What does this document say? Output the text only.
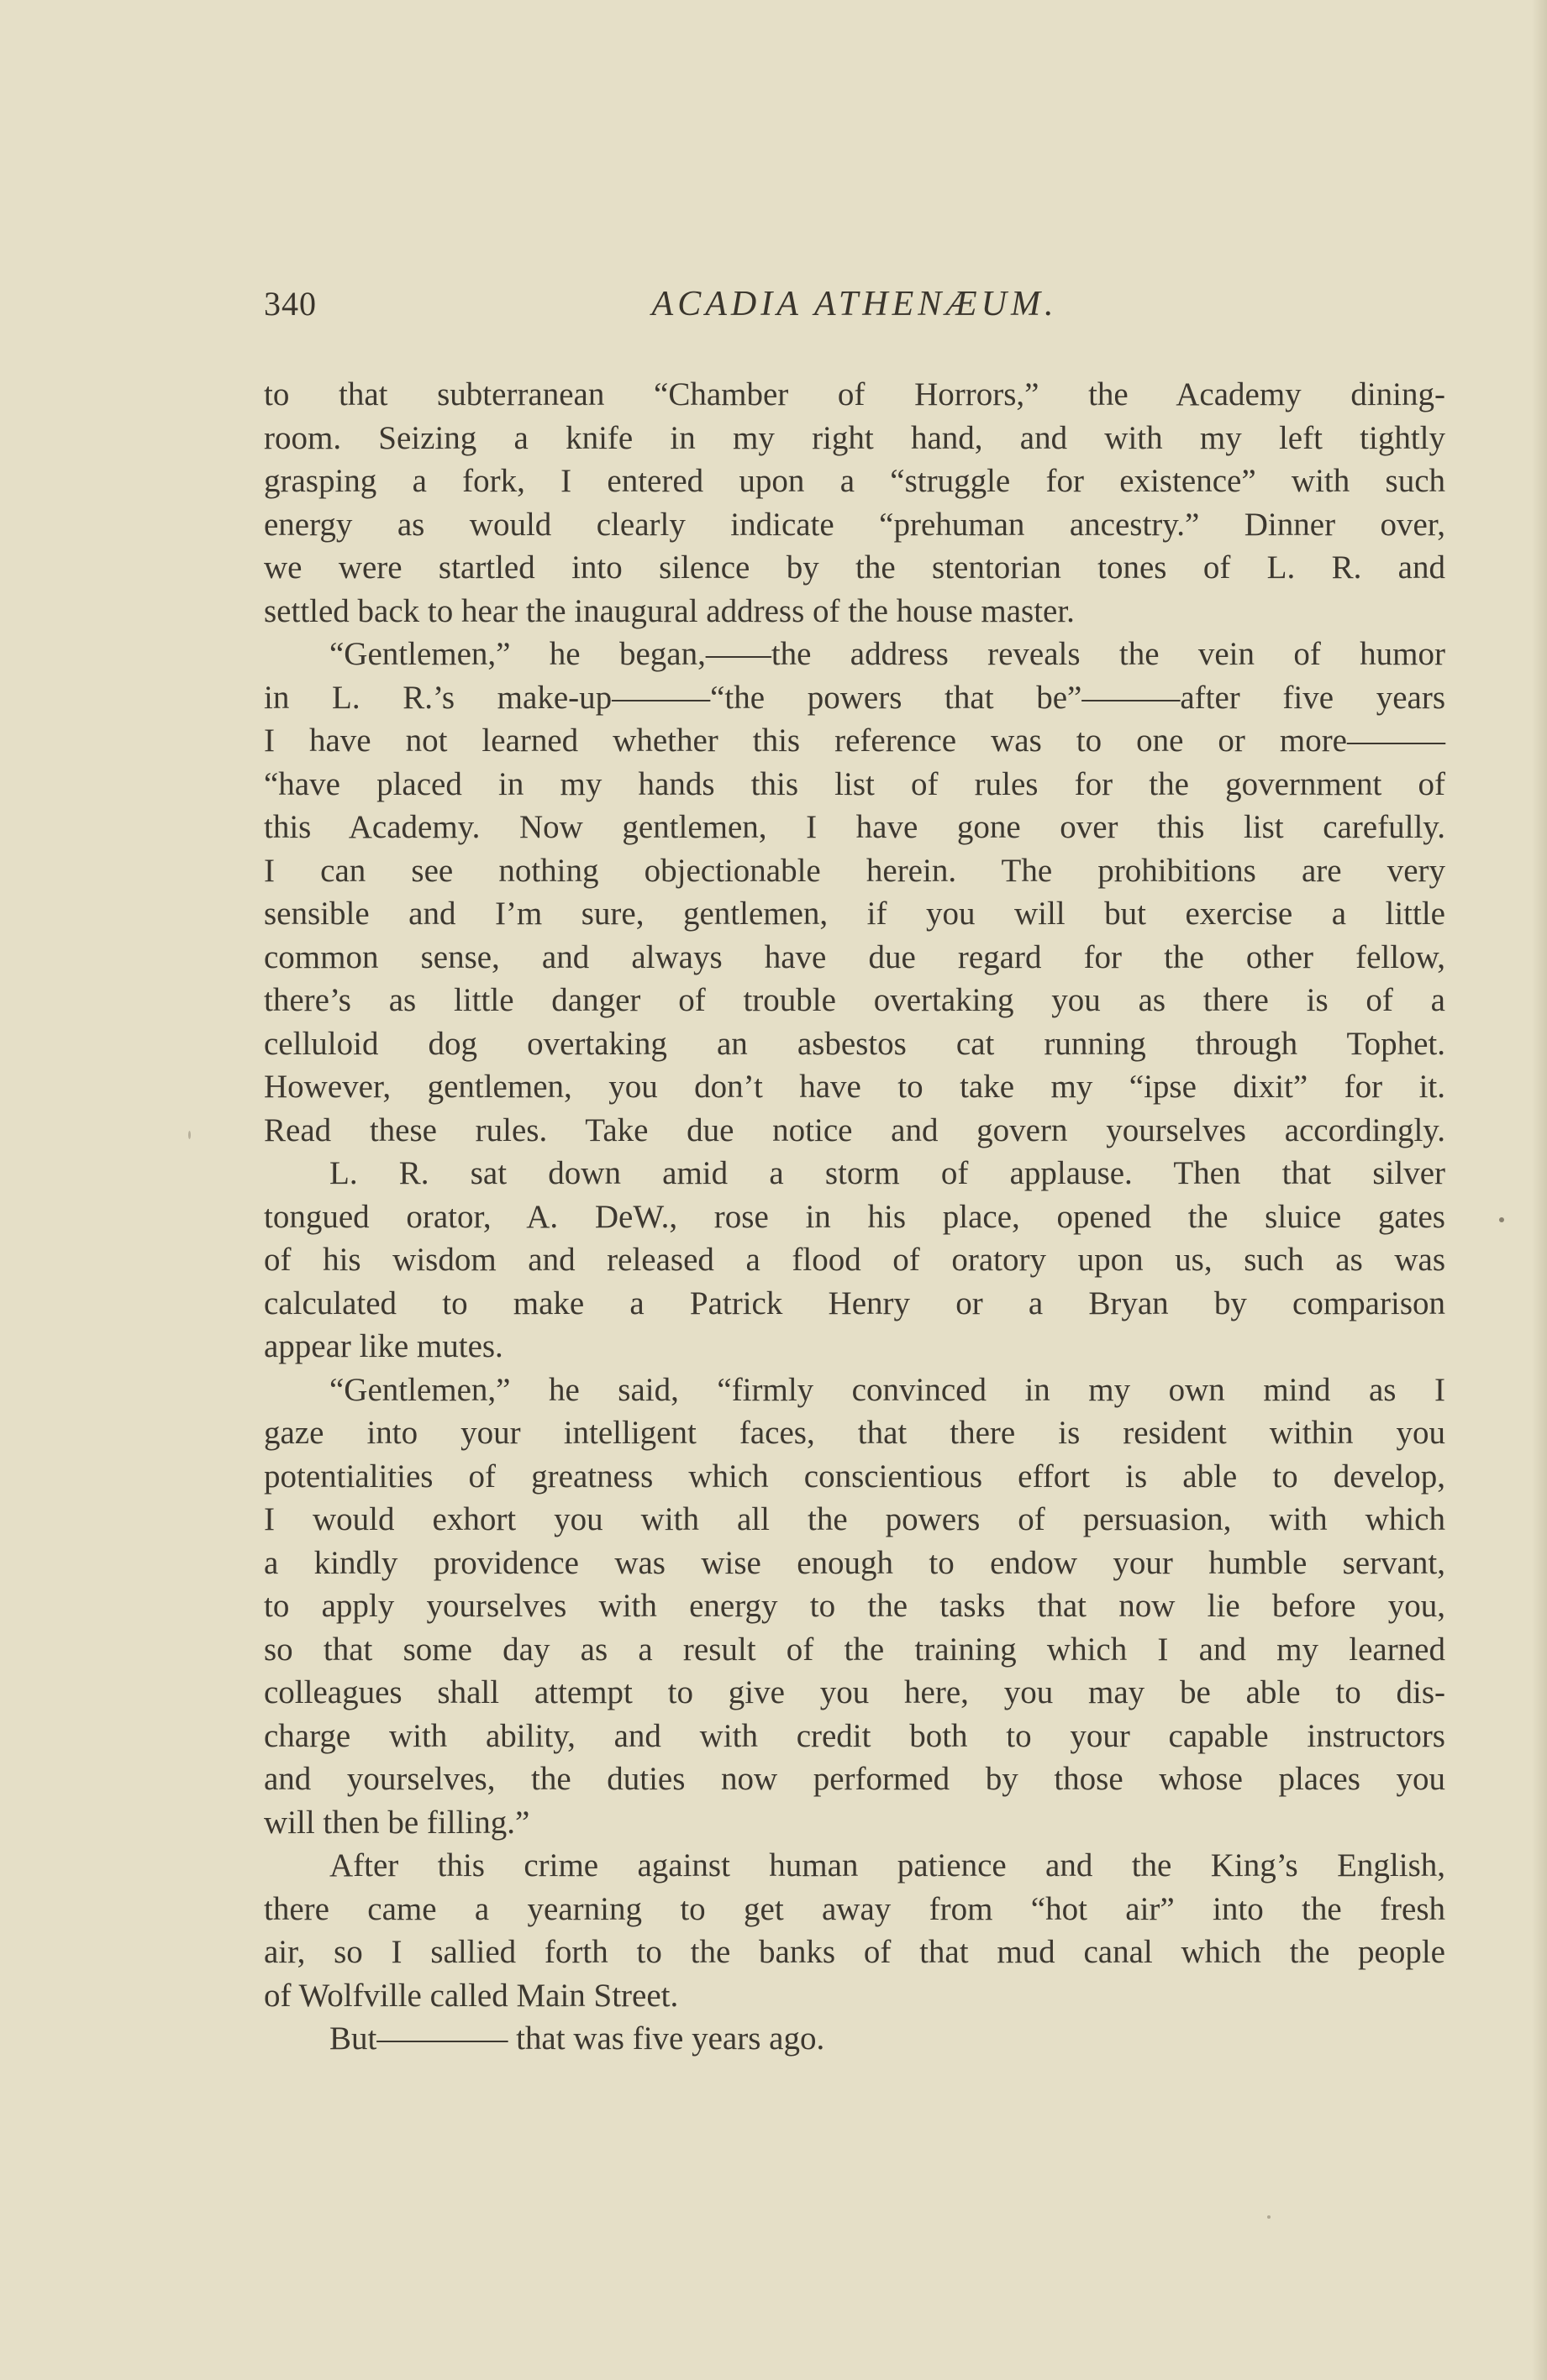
340	ACADIA ATHENÆUM.

to that subterranean “Chamber of Horrors,” the Academy dining-

room. Seizing a knife in my right hand, and with my left tightly

grasping a fork, I entered upon a “struggle for existence” with such

energy as would clearly indicate “prehuman ancestry.” Dinner over,

we were startled into silence by the stentorian tones of L. R. and

settled back to hear the inaugural address of the house master.

“Gentlemen,” he began,——the address reveals the vein of humor

in L. R.’s make-up———“the powers that be”———after five years

I have not learned whether this reference was to one or more———

“have placed in my hands this list of rules for the government of

this Academy. Now gentlemen, I have gone over this list carefully.

I can see nothing objectionable herein. The prohibitions are very

sensible and I’m sure, gentlemen, if you will but exercise a little

common sense, and always have due regard for the other fellow,

there’s as little danger of trouble overtaking you as there is of a

celluloid dog overtaking an asbestos cat running through Tophet.

However, gentlemen, you don’t have to take my “ipse dixit” for it.

Read these rules. Take due notice and govern yourselves accordingly.

L. R. sat down amid a storm of applause. Then that silver

tongued orator, A. DeW., rose in his place, opened the sluice gates

of his wisdom and released a flood of oratory upon us, such as was

calculated to make a Patrick Henry or a Bryan by comparison

appear like mutes.

“Gentlemen,” he said, “firmly convinced in my own mind as I

gaze into your intelligent faces, that there is resident within you

potentialities of greatness which conscientious effort is able to develop,

I would exhort you with all the powers of persuasion, with which

a kindly providence was wise enough to endow your humble servant,

to apply yourselves with energy to the tasks that now lie before you,

so that some day as a result of the training which I and my learned

colleagues shall attempt to give you here, you may be able to dis-

charge with ability, and with credit both to your capable instructors

and yourselves, the duties now performed by those whose places you

will then be filling.”

After this crime against human patience and the King’s English,

there came a yearning to get away from “hot air” into the fresh

air, so I sallied forth to the banks of that mud canal which the people

of Wolfville called Main Street.

But———— that was five years ago.
